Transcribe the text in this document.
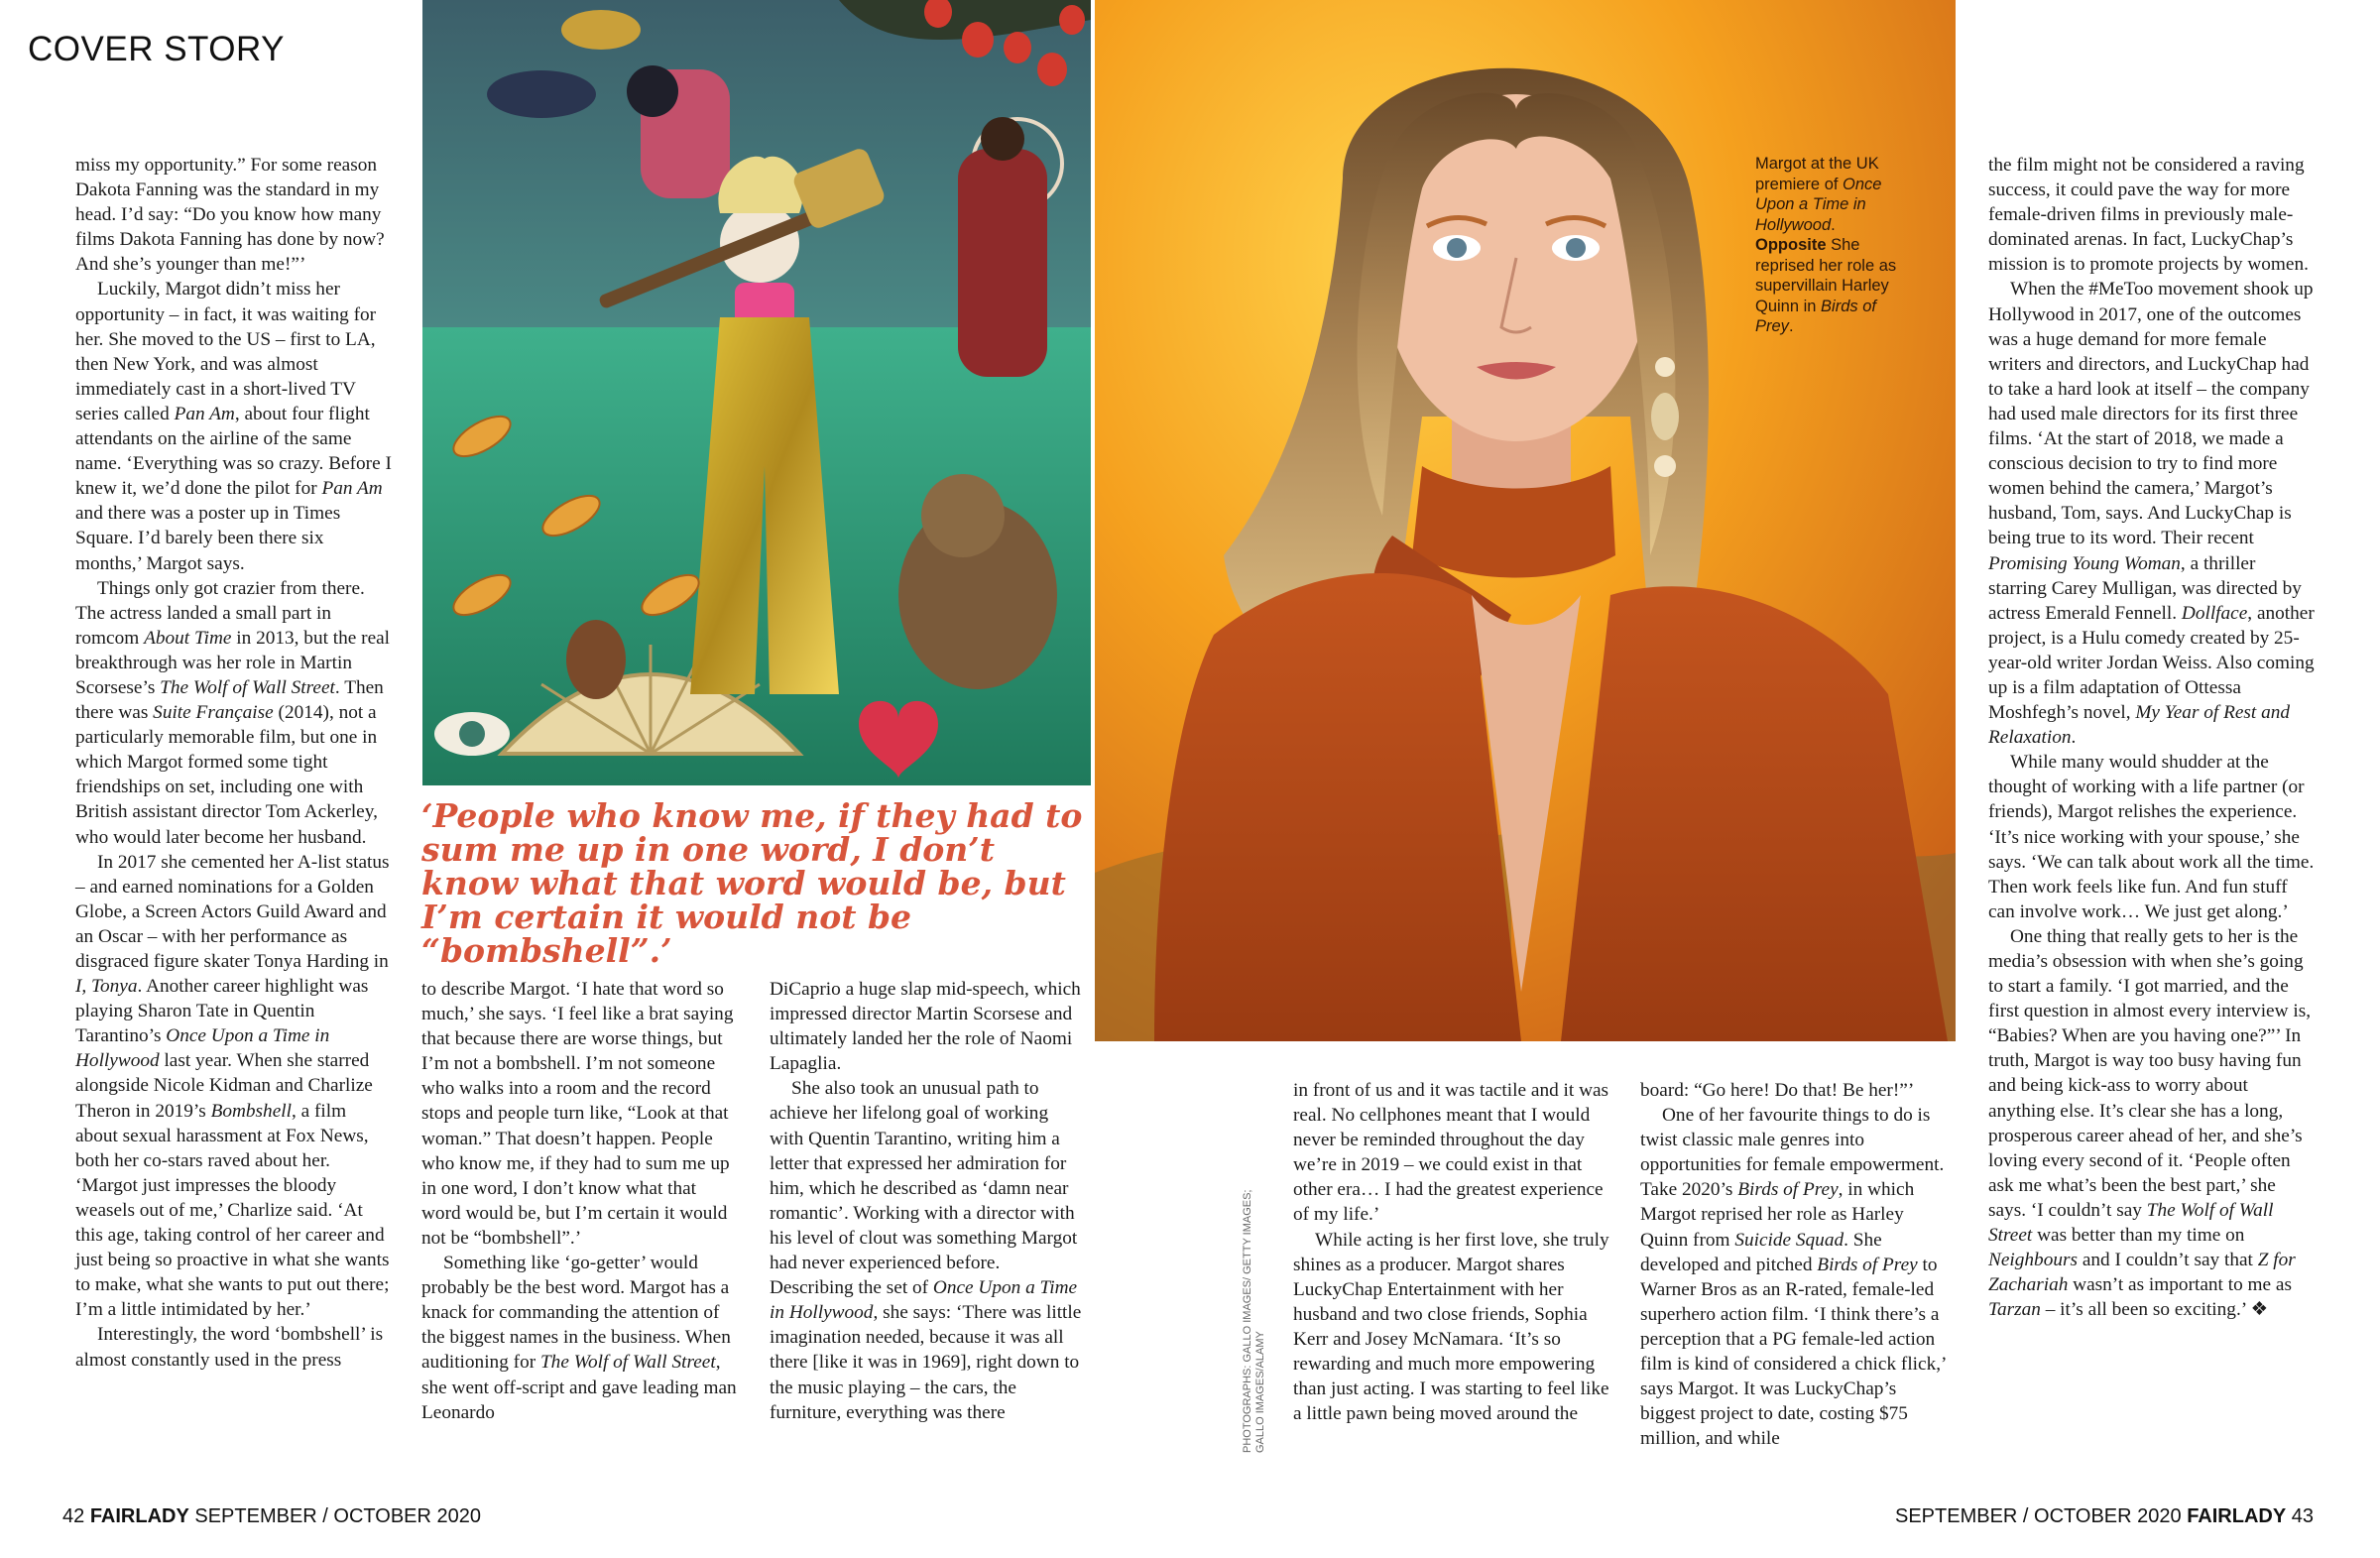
COVER STORY
Margot at the UK premiere of Once Upon a Time in Hollywood. Opposite She reprised her role as supervillain Harley Quinn in Birds of Prey.
‘People who know me, if they had to sum me up in one word, I don’t know what that word would be, but I’m certain it would not be “bombshell”.’
PHOTOGRAPHS: GALLO IMAGES/ GETTY IMAGES; GALLO IMAGES/ALAMY

miss my opportunity.” For some reason Dakota Fanning was the standard in my head. I’d say: “Do you know how many films Dakota Fanning has done by now? And she’s younger than me!”’

Luckily, Margot didn’t miss her opportunity – in fact, it was waiting for her. She moved to the US – first to LA, then New York, and was almost immediately cast in a short-lived TV series called Pan Am, about four flight attendants on the airline of the same name. ‘Everything was so crazy. Before I knew it, we’d done the pilot for Pan Am and there was a poster up in Times Square. I’d barely been there six months,’ Margot says.

Things only got crazier from there. The actress landed a small part in romcom About Time in 2013, but the real breakthrough was her role in Martin Scorsese’s The Wolf of Wall Street. Then there was Suite Française (2014), not a particularly memorable film, but one in which Margot formed some tight friendships on set, including one with British assistant director Tom Ackerley, who would later become her husband.

In 2017 she cemented her A-list status – and earned nominations for a Golden Globe, a Screen Actors Guild Award and an Oscar – with her performance as disgraced figure skater Tonya Harding in I, Tonya. Another career highlight was playing Sharon Tate in Quentin Tarantino’s Once Upon a Time in Hollywood last year. When she starred alongside Nicole Kidman and Charlize Theron in 2019’s Bombshell, a film about sexual harassment at Fox News, both her co-stars raved about her. ‘Margot just impresses the bloody weasels out of me,’ Charlize said. ‘At this age, taking control of her career and just being so proactive in what she wants to make, what she wants to put out there; I’m a little intimidated by her.’

Interestingly, the word ‘bombshell’ is almost constantly used in the press

to describe Margot. ‘I hate that word so much,’ she says. ‘I feel like a brat saying that because there are worse things, but I’m not a bombshell. I’m not someone who walks into a room and the record stops and people turn like, “Look at that woman.” That doesn’t happen. People who know me, if they had to sum me up in one word, I don’t know what that word would be, but I’m certain it would not be “bombshell”.’

Something like ‘go-getter’ would probably be the best word. Margot has a knack for commanding the attention of the biggest names in the business. When auditioning for The Wolf of Wall Street, she went off-script and gave leading man Leonardo

DiCaprio a huge slap mid-speech, which impressed director Martin Scorsese and ultimately landed her the role of Naomi Lapaglia.

She also took an unusual path to achieve her lifelong goal of working with Quentin Tarantino, writing him a letter that expressed her admiration for him, which he described as ‘damn near romantic’. Working with a director with his level of clout was something Margot had never experienced before. Describing the set of Once Upon a Time in Hollywood, she says: ‘There was little imagination needed, because it was all there [like it was in 1969], right down to the music playing – the cars, the furniture, everything was there

in front of us and it was tactile and it was real. No cellphones meant that I would never be reminded throughout the day we’re in 2019 – we could exist in that other era… I had the greatest experience of my life.’

While acting is her first love, she truly shines as a producer. Margot shares LuckyChap Entertainment with her husband and two close friends, Sophia Kerr and Josey McNamara. ‘It’s so rewarding and much more empowering than just acting. I was starting to feel like a little pawn being moved around the

board: “Go here! Do that! Be her!”’

One of her favourite things to do is twist classic male genres into opportunities for female empowerment. Take 2020’s Birds of Prey, in which Margot reprised her role as Harley Quinn from Suicide Squad. She developed and pitched Birds of Prey to Warner Bros as an R-rated, female-led superhero action film. ‘I think there’s a perception that a PG female-led action film is kind of considered a chick flick,’ says Margot. It was LuckyChap’s biggest project to date, costing $75 million, and while

the film might not be considered a raving success, it could pave the way for more female-driven films in previously male-dominated arenas. In fact, LuckyChap’s mission is to promote projects by women.

When the #MeToo movement shook up Hollywood in 2017, one of the outcomes was a huge demand for more female writers and directors, and LuckyChap had to take a hard look at itself – the company had used male directors for its first three films. ‘At the start of 2018, we made a conscious decision to try to find more women behind the camera,’ Margot’s husband, Tom, says. And LuckyChap is being true to its word. Their recent Promising Young Woman, a thriller starring Carey Mulligan, was directed by actress Emerald Fennell. Dollface, another project, is a Hulu comedy created by 25-year-old writer Jordan Weiss. Also coming up is a film adaptation of Ottessa Moshfegh’s novel, My Year of Rest and Relaxation.

While many would shudder at the thought of working with a life partner (or friends), Margot relishes the experience. ‘It’s nice working with your spouse,’ she says. ‘We can talk about work all the time. Then work feels like fun. And fun stuff can involve work… We just get along.’

One thing that really gets to her is the media’s obsession with when she’s going to start a family. ‘I got married, and the first question in almost every interview is, “Babies? When are you having one?”’ In truth, Margot is way too busy having fun and being kick-ass to worry about anything else. It’s clear she has a long, prosperous career ahead of her, and she’s loving every second of it. ‘People often ask me what’s been the best part,’ she says. ‘I couldn’t say The Wolf of Wall Street was better than my time on Neighbours and I couldn’t say that Z for Zachariah wasn’t as important to me as Tarzan – it’s all been so exciting.’ ❖

42 FAIRLADY SEPTEMBER / OCTOBER 2020	SEPTEMBER / OCTOBER 2020 FAIRLADY 43
